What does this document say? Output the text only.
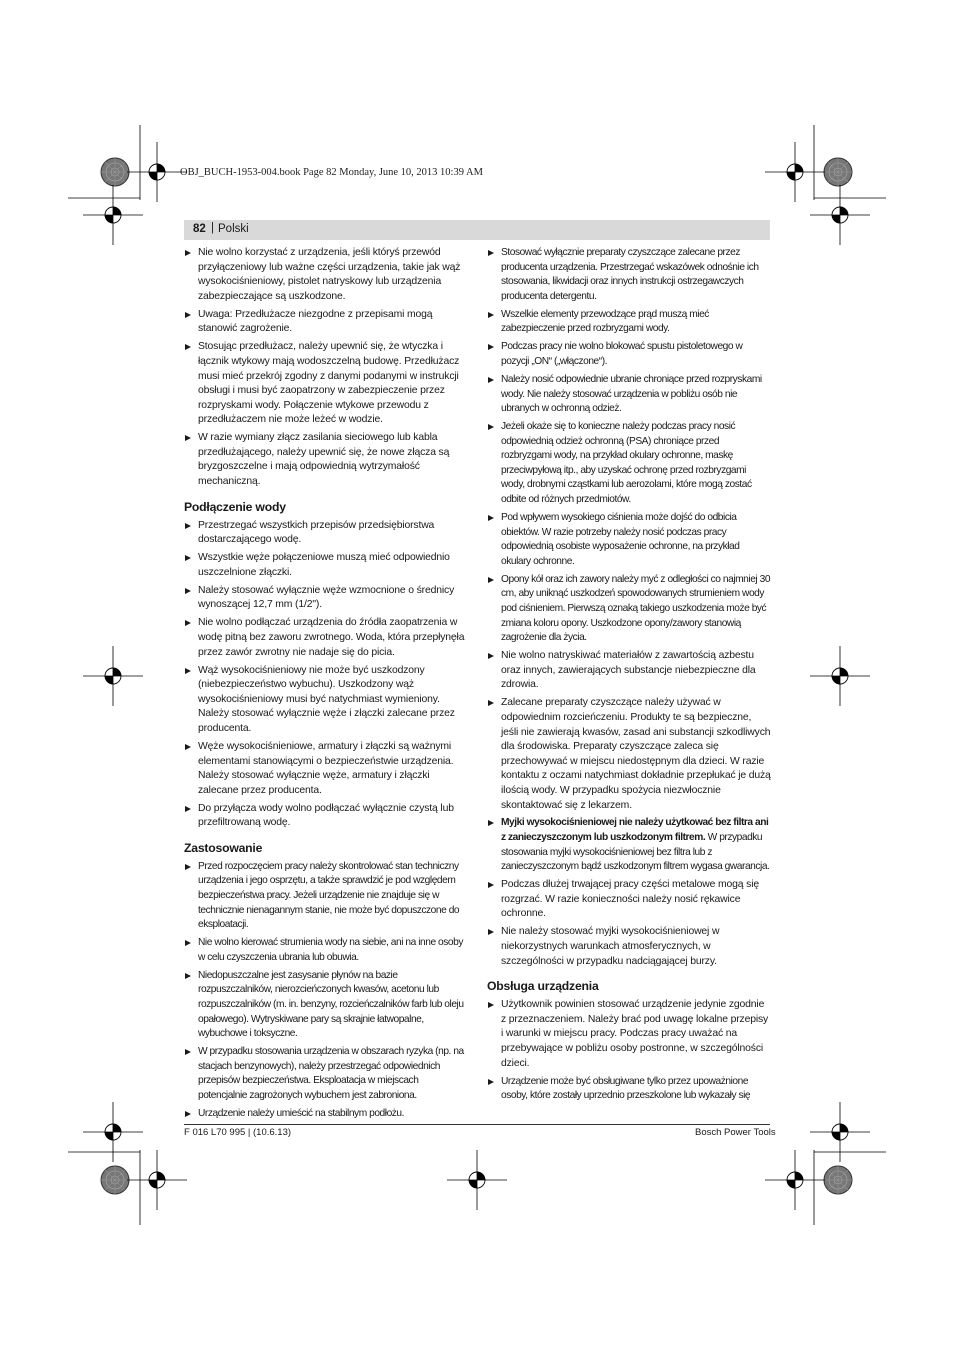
OBJ_BUCH-1953-004.book Page 82 Monday, June 10, 2013 10:39 AM
82 | Polski
Nie wolno korzystać z urządzenia, jeśli któryś przewód przyłączeniowy lub ważne części urządzenia, takie jak wąż wysokociśnieniowy, pistolet natryskowy lub urządzenia zabezpieczające są uszkodzone.
Uwaga: Przedłużacze niezgodne z przepisami mogą stanowić zagrożenie.
Stosując przedłużacz, należy upewnić się, że wtyczka i łącznik wtykowy mają wodoszczelną budowę. Przedłużacz musi mieć przekrój zgodny z danymi podanymi w instrukcji obsługi i musi być zaopatrzony w zabezpieczenie przez rozpryskami wody. Połączenie wtykowe przewodu z przedłużaczem nie może leżeć w wodzie.
W razie wymiany złącz zasilania sieciowego lub kabla przedłużającego, należy upewnić się, że nowe złącza są bryzgoszczelne i mają odpowiednią wytrzymałość mechaniczną.
Podłączenie wody
Przestrzegać wszystkich przepisów przedsiębiorstwa dostarczającego wodę.
Wszystkie węże połączeniowe muszą mieć odpowiednio uszczelnione złączki.
Należy stosować wyłącznie węże wzmocnione o średnicy wynoszącej 12,7 mm (1/2").
Nie wolno podłączać urządzenia do źródła zaopatrzenia w wodę pitną bez zaworu zwrotnego. Woda, która przepłynęła przez zawór zwrotny nie nadaje się do picia.
Wąż wysokociśnieniowy nie może być uszkodzony (niebezpieczeństwo wybuchu). Uszkodzony wąż wysokociśnieniowy musi być natychmiast wymieniony. Należy stosować wyłącznie węże i złączki zalecane przez producenta.
Węże wysokociśnieniowe, armatury i złączki są ważnymi elementami stanowiącymi o bezpieczeństwie urządzenia. Należy stosować wyłącznie węże, armatury i złączki zalecane przez producenta.
Do przyłącza wody wolno podłączać wyłącznie czystą lub przefiltrowaną wodę.
Zastosowanie
Przed rozpoczęciem pracy należy skontrolować stan techniczny urządzenia i jego osprzętu, a także sprawdzić je pod względem bezpieczeństwa pracy. Jeżeli urządzenie nie znajduje się w technicznie nienagannym stanie, nie może być dopuszczone do eksploatacji.
Nie wolno kierować strumienia wody na siebie, ani na inne osoby w celu czyszczenia ubrania lub obuwia.
Niedopuszczalne jest zasysanie płynów na bazie rozpuszczalników, nierozcieńczonych kwasów, acetonu lub rozpuszczalników (m. in. benzyny, rozcieńczalników farb lub oleju opałowego). Wytryskiwane pary są skrajnie łatwopalne, wybuchowe i toksyczne.
W przypadku stosowania urządzenia w obszarach ryzyka (np. na stacjach benzynowych), należy przestrzegać odpowiednich przepisów bezpieczeństwa. Eksploatacja w miejscach potencjalnie zagrożonych wybuchem jest zabroniona.
Urządzenie należy umieścić na stabilnym podłożu.
Stosować wyłącznie preparaty czyszczące zalecane przez producenta urządzenia. Przestrzegać wskazówek odnośnie ich stosowania, likwidacji oraz innych instrukcji ostrzegawczych producenta detergentu.
Wszelkie elementy przewodzące prąd muszą mieć zabezpieczenie przed rozbryzgami wody.
Podczas pracy nie wolno blokować spustu pistoletowego w pozycji „ON“ („włączone“).
Należy nosić odpowiednie ubranie chroniące przed rozpryskami wody. Nie należy stosować urządzenia w pobliżu osób nie ubranych w ochronną odzież.
Jeżeli okaże się to konieczne należy podczas pracy nosić odpowiednią odzież ochronną (PSA) chroniące przed rozbryzgami wody, na przykład okulary ochronne, maskę przeciwpyłową itp., aby uzyskać ochronę przed rozbryzgami wody, drobnymi cząstkami lub aerozolami, które mogą zostać odbite od różnych przedmiotów.
Pod wpływem wysokiego ciśnienia może dojść do odbicia obiektów. W razie potrzeby należy nosić podczas pracy odpowiednią osobiste wyposażenie ochronne, na przykład okulary ochronne.
Opony kół oraz ich zawory należy myć z odległości co najmniej 30 cm, aby uniknąć uszkodzeń spowodowanych strumieniem wody pod ciśnieniem. Pierwszą oznaką takiego uszkodzenia może być zmiana koloru opony. Uszkodzone opony/zawory stanowią zagrożenie dla życia.
Nie wolno natryskiwać materiałów z zawartością azbestu oraz innych, zawierających substancje niebezpieczne dla zdrowia.
Zalecane preparaty czyszczące należy używać w odpowiednim rozcieńczeniu. Produkty te są bezpieczne, jeśli nie zawierają kwasów, zasad ani substancji szkodliwych dla środowiska. Preparaty czyszczące zaleca się przechowywać w miejscu niedostępnym dla dzieci. W razie kontaktu z oczami natychmiast dokładnie przepłukać je dużą ilością wody. W przypadku spożycia niezwłocznie skontaktować się z lekarzem.
Myjki wysokociśnieniowej nie należy użytkować bez filtra ani z zanieczyszczonym lub uszkodzonym filtrem. W przypadku stosowania myjki wysokociśnieniowej bez filtra lub z zanieczyszczonym bądź uszkodzonym filtrem wygasa gwarancja.
Podczas dłużej trwającej pracy części metalowe mogą się rozgrzać. W razie konieczności należy nosić rękawice ochronne.
Nie należy stosować myjki wysokociśnieniowej w niekorzystnych warunkach atmosferycznych, w szczególności w przypadku nadciągającej burzy.
Obsługa urządzenia
Użytkownik powinien stosować urządzenie jedynie zgodnie z przeznaczeniem. Należy brać pod uwagę lokalne przepisy i warunki w miejscu pracy. Podczas pracy uważać na przebywające w pobliżu osoby postronne, w szczególności dzieci.
Urządzenie może być obsługiwane tylko przez upoważnione osoby, które zostały uprzednio przeszkolone lub wykazały się
F 016 L70 995 | (10.6.13)	Bosch Power Tools
